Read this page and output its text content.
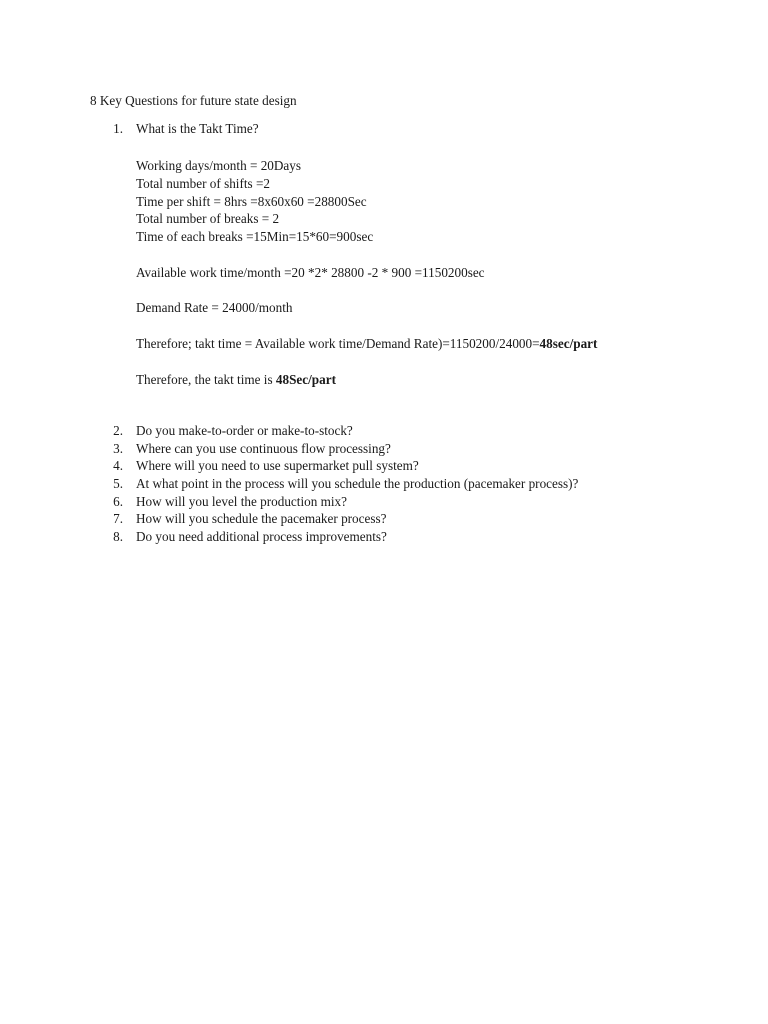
8 Key Questions for future state design
1. What is the Takt Time?
Working days/month = 20Days
Total number of shifts =2
Time per shift = 8hrs =8x60x60 =28800Sec
Total number of breaks = 2
Time of each breaks =15Min=15*60=900sec
Available work time/month =20 *2* 28800 -2 * 900 =1150200sec
Demand Rate = 24000/month
Therefore; takt time = Available work time/Demand Rate)=1150200/24000=48sec/part
Therefore, the takt time is 48Sec/part
2. Do you make-to-order or make-to-stock?
3. Where can you use continuous flow processing?
4. Where will you need to use supermarket pull system?
5. At what point in the process will you schedule the production (pacemaker process)?
6. How will you level the production mix?
7. How will you schedule the pacemaker process?
8. Do you need additional process improvements?
